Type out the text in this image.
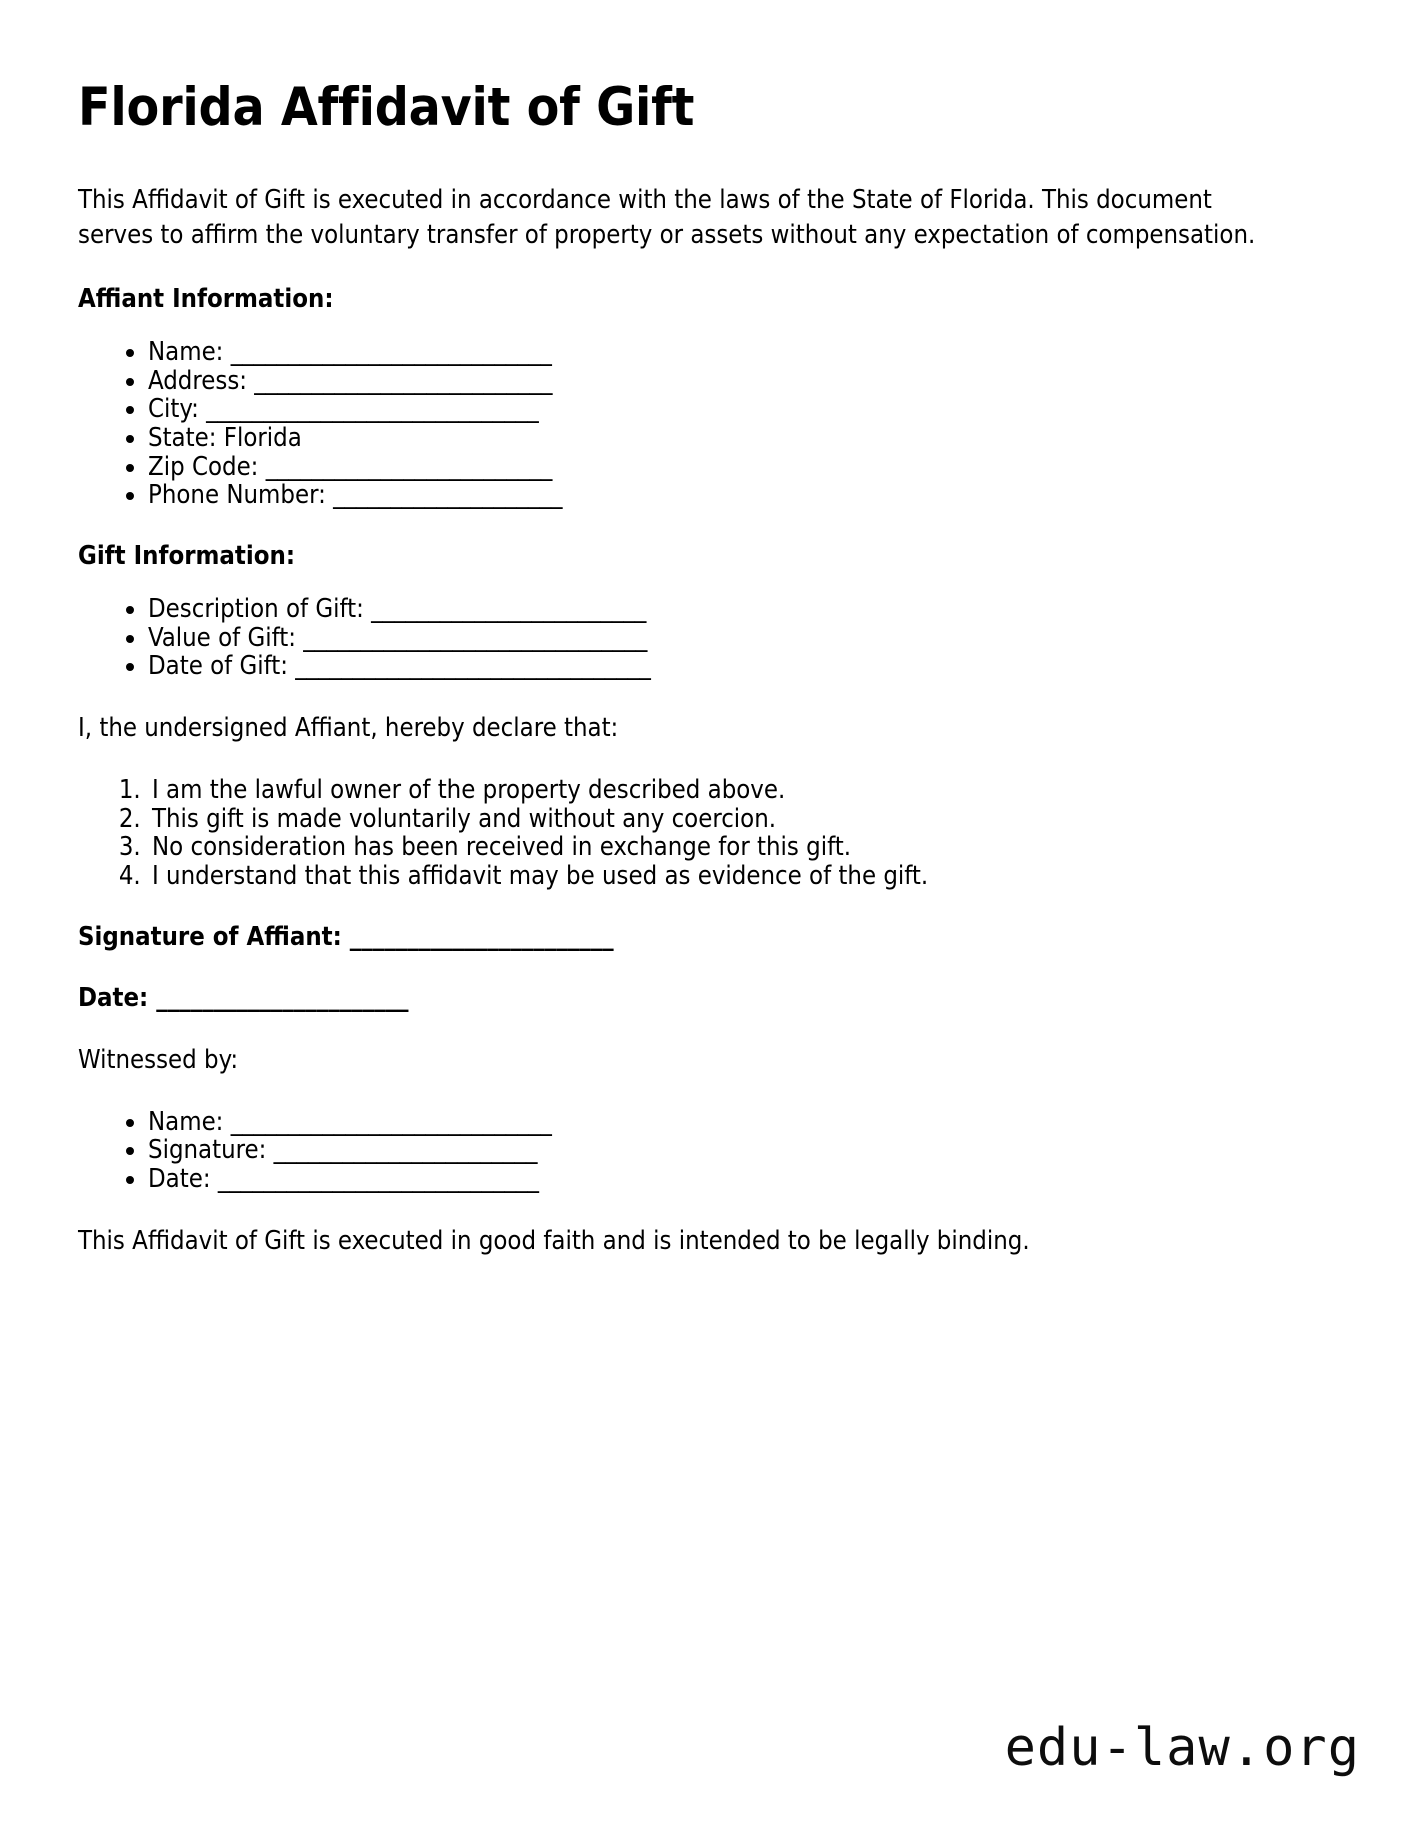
Florida Affidavit of Gift

This Affidavit of Gift is executed in accordance with the laws of the State of Florida. This document serves to affirm the voluntary transfer of property or assets without any expectation of compensation.

Affiant Information:
• Name: ____________________________
• Address: __________________________
• City: _____________________________
• State: Florida
• Zip Code: _________________________
• Phone Number: ____________________
Gift Information:
• Description of Gift: ________________________
• Value of Gift: ______________________________
• Date of Gift: _______________________________

I, the undersigned Affiant, hereby declare that:

1. I am the lawful owner of the property described above.
2. This gift is made voluntarily and without any coercion.
3. No consideration has been received in exchange for this gift.
4. I understand that this affidavit may be used as evidence of the gift.

Signature of Affiant: _______________________

Date: ______________________

Witnessed by:

• Name: ____________________________
• Signature: _______________________
• Date: ____________________________

This Affidavit of Gift is executed in good faith and is intended to be legally binding.

edu-law.org
